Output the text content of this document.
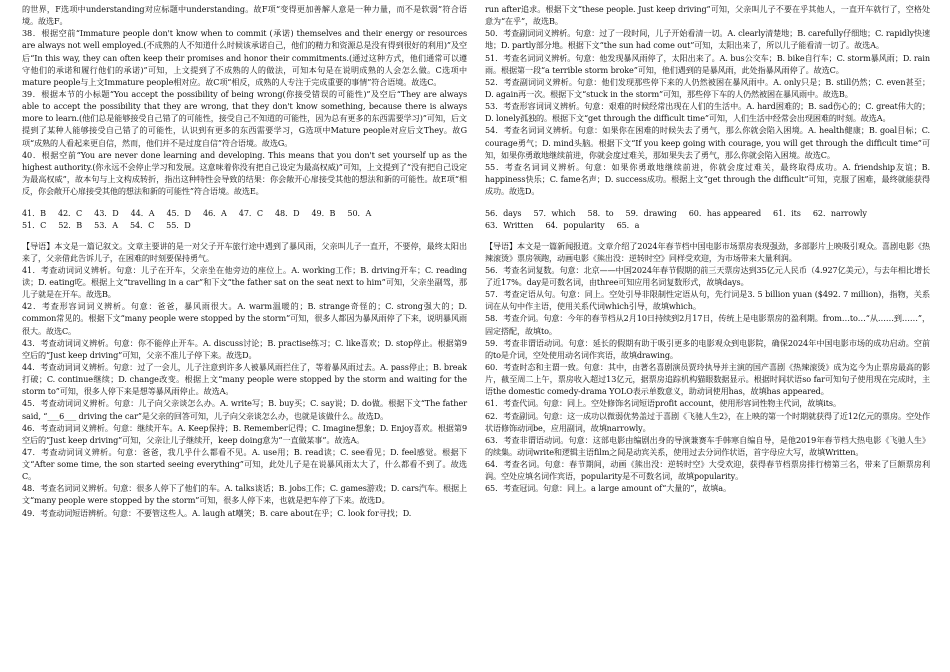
的世界，F选项中understanding对应标题中understanding。故F项“变得更加善解人意是一种力量，而不是软弱”符合语境。故选F。

38．根据空前“Immature people don't know when to commit (承诺) themselves and their energy or resources are always not well employed.(不成熟的人不知道什么时候该承诺自己，他们的精力和资源总是没有得到很好的利用)”及空后“In this way, they can often keep their promises and honor their commitments.(通过这种方式，他们通常可以遵守他们的承诺和履行他们的承诺)”可知，上文提到了不成熟的人的做法，可知本句是在说明成熟的人会怎么做。C选项中mature people与上文Immature people相对应。故C项“相反，成熟的人专注于完成重要的事情”符合语境。故选C。

39．根据本节的小标题“You accept the possibility of being wrong(你接受错误的可能性)”及空后“They are always able to accept the possibility that they are wrong, that they don't know something, because there is always more to learn.(他们总是能够接受自己错了的可能性，接受自己不知道的可能性，因为总有更多的东西需要学习)”可知，后文提到了某种人能够接受自己错了的可能性，认识到有更多的东西需要学习，G选项中Mature people对应后文They。故G项“成熟的人看起来更自信，然而，他们并不是过度自信”符合语境。故选G。

40．根据空前“You are never done learning and developing. This means that you don't set yourself up as the highest authority.(你永远不会停止学习和发展。这意味着你没有把自己设定为最高权威)”可知，上文提到了“没有把自己设定为最高权威”，故本句与上文构成转折，指出这种特性会导致的结果：你会敞开心扉接受其他的想法和新的可能性。故E项“相反，你会敞开心扉接受其他的想法和新的可能性”符合语境。故选E。

41．B 42．C 43．D 44．A 45．D 46．A 47．C 48．D 49．B 50．A
51．C 52．B 53．A 54．C 55．D

【导语】本文是一篇记叙文。文章主要讲的是一对父子开车旅行途中遇到了暴风雨，父亲叫儿子一直开，不要停，最终太阳出来了，父亲借此告诉儿子，在困难的时刻要保持勇气。

41．考查动词词义辨析。句意：儿子在开车，父亲坐在他旁边的座位上。A. working工作；B. driving开车；C. reading读；D. eating吃。根据上文“travelling in a car”和下文“the father sat on the seat next to him”可知，父亲坐副驾，那儿子就是在开车。故选B。

42．考查形容词词义辨析。句意：爸爸，暴风雨很大。A. warm温暖的；B. strange奇怪的；C. strong强大的；D. common常见的。根据下文“many people were stopped by the storm”可知，很多人都因为暴风雨停了下来，说明暴风雨很大。故选C。

43．考查动词词义辨析。句意：你不能停止开车。A. discuss讨论；B. practise练习；C. like喜欢；D. stop停止。根据第9空后的“Just keep driving”可知，父亲不准儿子停下来。故选D。

44．考查动词词义辨析。句意：过了一会儿，儿子注意到许多人被暴风雨拦住了，等着暴风雨过去。A. pass停止；B. break打破；C. continue继续；D. change改变。根据上文“many people were stopped by the storm and waiting for the storm to”可知，很多人停下来是想等暴风雨停止。故选A。

45．考查动词词义辨析。句意：儿子向父亲谈怎么办。A. write写；B. buy买；C. say说；D. do做。根据下文“The father said, “___6___ driving the car”是父亲的回答可知，儿子向父亲谈怎么办，也就是该做什么。故选D。

46．考查动词词义辨析。句意：继续开车。A. Keep保持；B. Remember记得；C. Imagine想象；D. Enjoy喜欢。根据第9空后的“Just keep driving”可知，父亲让儿子继续开，keep doing意为“一直做某事”。故选A。

47．考查动词词义辨析。句意：爸爸，我几乎什么都看不见。A. use用；B. read读；C. see看见；D. feel感觉。根据下文“After some time, the son started seeing everything”可知，此处儿子是在说暴风雨太大了，什么都看不到了。故选C。

48．考查名词词义辨析。句意：很多人停下了他们的车。A. talks谈话；B. jobs工作；C. games游戏；D. cars汽车。根据上文“many people were stopped by the storm”可知，很多人停下来，也就是把车停了下来。故选D。

49．考查动词短语辨析。句意：不要管这些人。A. laugh at嘲笑；B. care about在乎；C. look for寻找；D.

run after追求。根据下文“these people. Just keep driving”可知，父亲叫儿子不要在乎其他人，一直开车就行了，空格处意为“在乎”，故选B。

50．考查副词词义辨析。句意：过了一段时间，儿子开始看清一切。A. clearly清楚地；B. carefully仔细地；C. rapidly快速地；D. partly部分地。根据下文“the sun had come out”可知，太阳出来了，所以儿子能看清一切了。故选A。

51．考查名词词义辨析。句意：他发现暴风雨停了，太阳出来了。A. bus公交车；B. bike自行车；C. storm暴风雨；D. rain雨。根据第一段“a terrible storm broke”可知，他们遇到的是暴风雨，此处指暴风雨停了。故选C。

52．考查副词词义辨析。句意：他们发现那些停下来的人仍然被困在暴风雨中。A. only只是；B. still仍然；C. even甚至；D. again再一次。根据下文“stuck in the storm”可知，那些停下车的人仍然被困在暴风雨中。故选B。

53．考查形容词词义辨析。句意：艰难的时候经常出现在人们的生活中。A. hard困难的；B. sad伤心的；C. great伟大的；D. lonely孤独的。根据下文“get through the difficult time”可知，人们生活中经常会出现困难的时刻。故选A。

54．考查名词词义辨析。句意：如果你在困难的时候失去了勇气，那么你就会陷入困境。A. health健康；B. goal目标；C. courage勇气；D. mind头脑。根据下文“If you keep going with courage, you will get through the difficult time”可知，如果你勇敢地继续前进，你就会度过难关，那如果失去了勇气，那么你就会陷入困境。故选C。

55．考查名词词义辨析。句意：如果你勇敢地继续前进，你就会度过难关，最终取得成功。A. friendship友谊；B. happiness快乐；C. fame名声；D. success成功。根据上文“get through the difficult”可知，克服了困难，最终就能获得成功。故选D。

56．days 57．which 58．to 59．drawing 60．has appeared 61．its 62．narrowly
63．Written 64．popularity 65．a

【导语】本文是一篇新闻报道。文章介绍了2024年春节档中国电影市场票房表现强劲，多部影片上映吸引观众。喜剧电影《热辣滚烫》票房领跑，动画电影《熊出没：逆转时空》同样受欢迎，为市场带来大量利润。

56．考查名词复数。句意：北京——中国2024年春节假期的前三天票房达到35亿元人民币（4.927亿美元），与去年相比增长了近17%。day是可数名词，由three可知应用名词复数形式，故填days。

57．考查定语从句。句意：同上。空处引导非限制性定语从句，先行词是3. 5 billion yuan ($492. 7 million)，指物，关系词在从句中作主语，使用关系代词which引导，故填which。

58．考查介词。句意：今年的春节档从2月10日持续到2月17日，传统上是电影票房的盈利期。from…to…“从……到……”，固定搭配，故填to。

59．考查非谓语动词。句意：延长的假期有助于吸引更多的电影观众到电影院，确保2024年中国电影市场的成功启动。空前的to是介词，空处使用动名词作宾语，故填drawing。

60．考查时态和主谓一致。句意：其中，由著名喜剧演员贾玲执导并主演的国产喜剧《热辣滚烫》成为迄今为止票房最高的影片，截至周二上午，票房收入超过13亿元，据票房追踪机构猫眼数据显示。根据时间状语so far可知句子使用现在完成时，主语the domestic comedy-drama YOLO表示单数意义，助动词使用has，故填has appeared。

61．考查代词。句意：同上。空处修饰名词短语profit account，使用形容词性物主代词，故填its。

62．考查副词。句意：这一成功以微弱优势盖过于喜剧《飞驰人生2》，在上映的第一个时期就获得了近12亿元的票房。空处作状语修饰动词be，应用副词，故填narrowly。

63．考查非谓语动词。句意：这部电影由编剧出身的导演兼赛车手韩寒自编自导，是他2019年春节档大热电影《飞驰人生》的续集。动词write和逻辑主语film之间是动宾关系，使用过去分词作状语，首字母应大写，故填Written。

64．考查名词。句意：春节期间，动画《熊出没：逆转时空》大受欢迎，获得春节档票房排行榜第三名，带来了巨额票房利润。空处应填名词作宾语，popularity是不可数名词，故填popularity。

65．考查冠词。句意：同上。a large amount of“大量的”，故填a。
